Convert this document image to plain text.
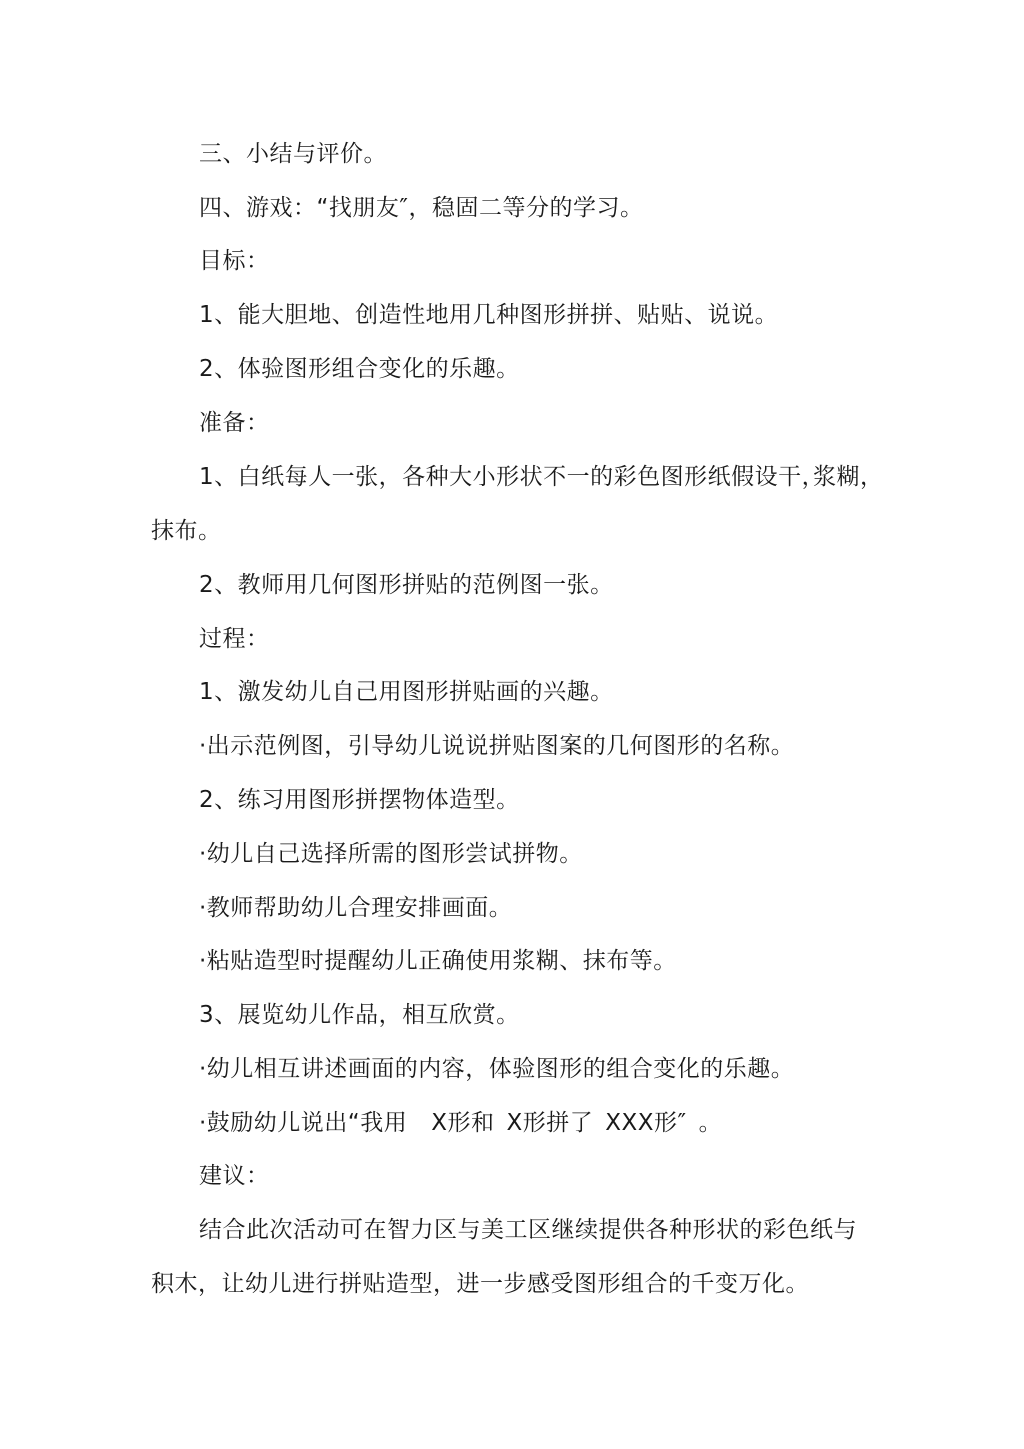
三、小结与评价。
四、游戏：“找朋友″，稳固二等分的学习。
目标：
1、能大胆地、创造性地用几种图形拼拼、贴贴、说说。
2、体验图形组合变化的乐趣。
准备：
1、白纸每人一张，各种大小形状不一的彩色图形纸假设干，
浆糊，
抹布。
2、教师用几何图形拼贴的范例图一张。
过程：
1、激发幼儿自己用图形拼贴画的兴趣。
·出示范例图，引导幼儿说说拼贴图案的几何图形的名称。
2、练习用图形拼摆物体造型。
·幼儿自己选择所需的图形尝试拼物。
·教师帮助幼儿合理安排画面。
·粘贴造型时提醒幼儿正确使用浆糊、抹布等。
3、展览幼儿作品，相互欣赏。
·幼儿相互讲述画面的内容，体验图形的组合变化的乐趣。
·鼓励幼儿说出“我用 X形和 X形拼了 XXX形″ 。
建议：
结合此次活动可在智力区与美工区继续提供各种形状的彩色纸与
积木，让幼儿进行拼贴造型，进一步感受图形组合的千变万化。
